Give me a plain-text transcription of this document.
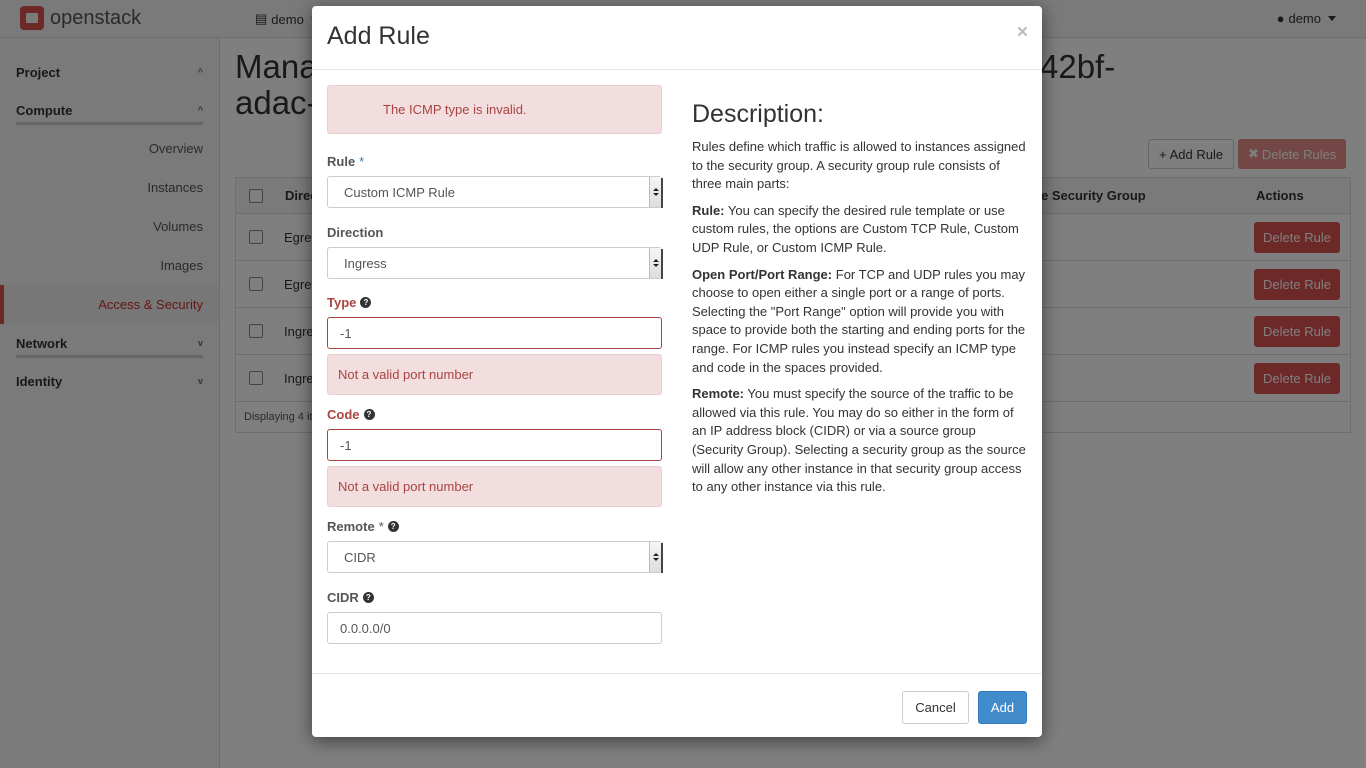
Add Rule	×
The ICMP type is invalid.
Rule *
Custom ICMP Rule
Direction
Ingress
Type ?
-1
Not a valid port number
Code ?
-1
Not a valid port number
Remote * ?
CIDR
CIDR ?
0.0.0.0/0
Description:

Rules define which traffic is allowed to instances assigned to the security group. A security group rule consists of three main parts:

Rule: You can specify the desired rule template or use custom rules, the options are Custom TCP Rule, Custom UDP Rule, or Custom ICMP Rule.

Open Port/Port Range: For TCP and UDP rules you may choose to open either a single port or a range of ports. Selecting the "Port Range" option will provide you with space to provide both the starting and ending ports for the range. For ICMP rules you instead specify an ICMP type and code in the spaces provided.

Remote: You must specify the source of the traffic to be allowed via this rule. You may do so either in the form of an IP address block (CIDR) or via a source group (Security Group). Selecting a security group as the source will allow any other instance in that security group access to any other instance via this rule.

Cancel	Add
